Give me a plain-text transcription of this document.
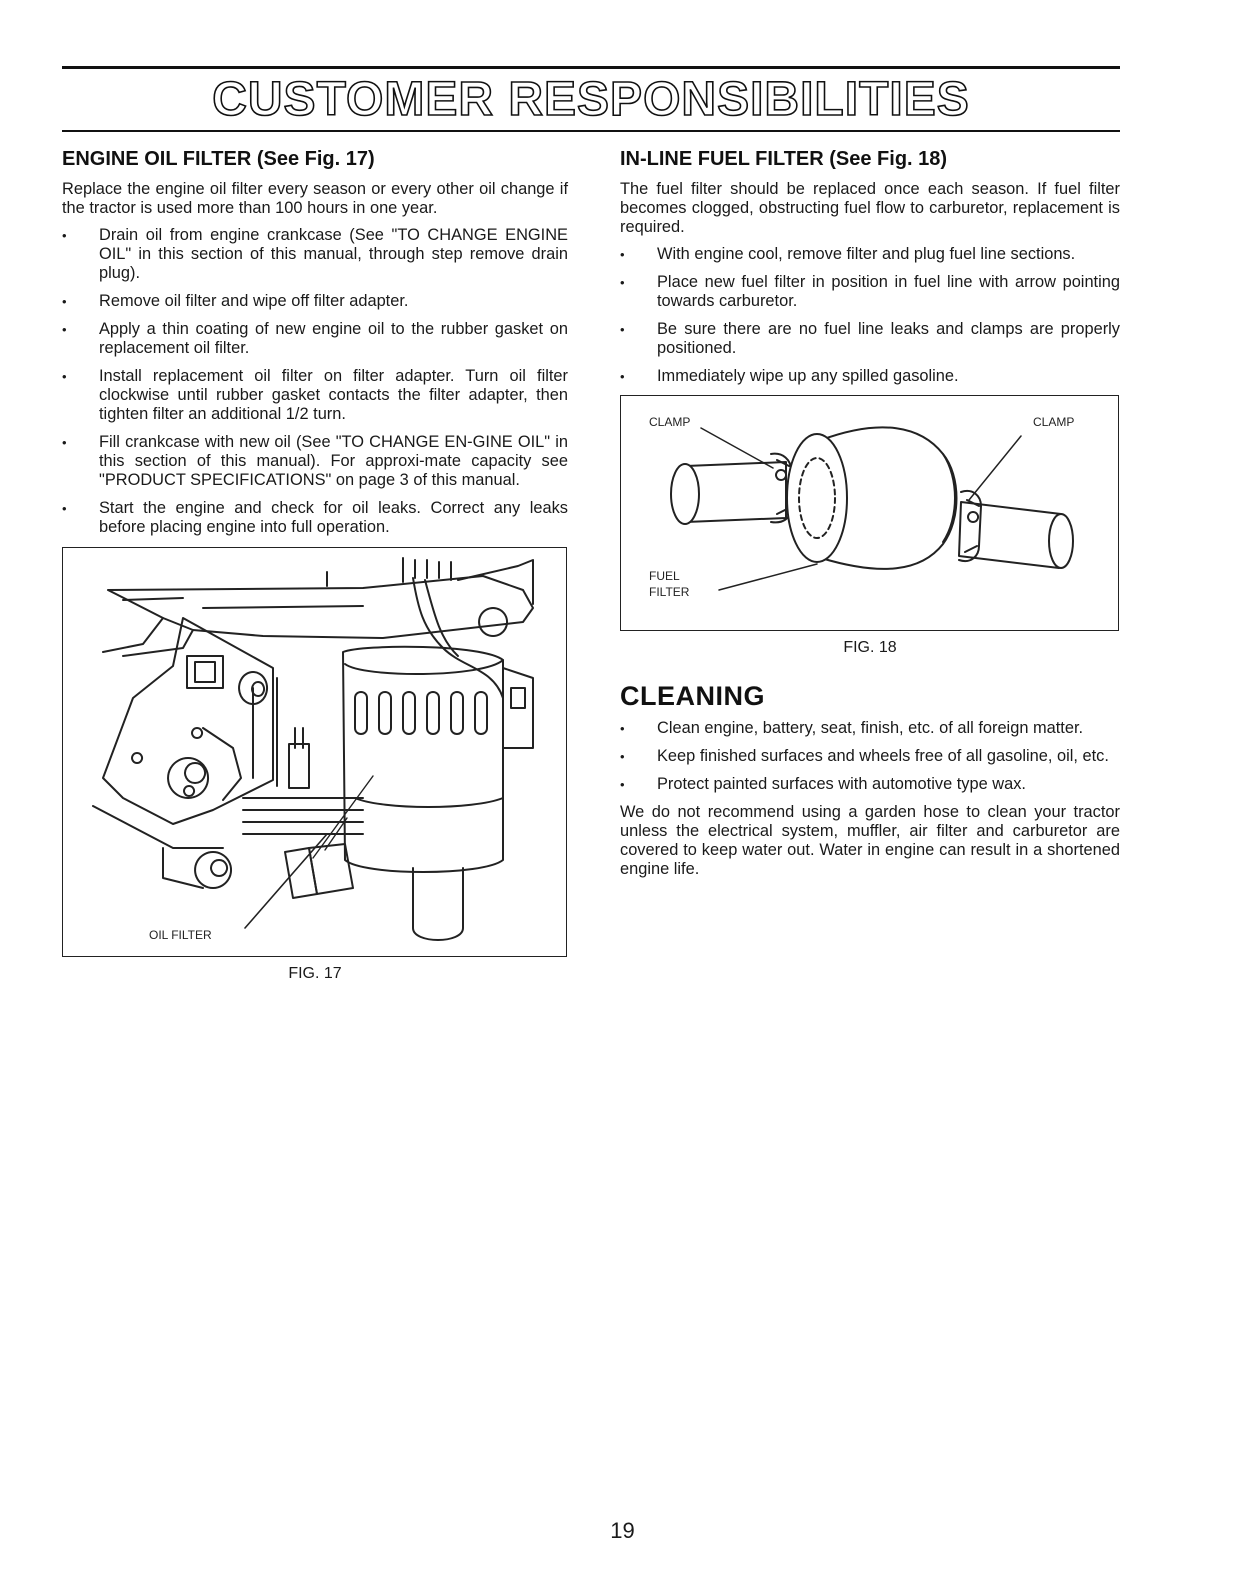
CUSTOMER RESPONSIBILITIES
ENGINE OIL FILTER (See Fig. 17)

Replace the engine oil filter every season or every other oil change if the tractor is used more than 100 hours in one year.

• Drain oil from engine crankcase (See "TO CHANGE ENGINE OIL" in this section of this manual, through step remove drain plug).
• Remove oil filter and wipe off filter adapter.
• Apply a thin coating of new engine oil to the rubber gasket on replacement oil filter.
• Install replacement oil filter on filter adapter. Turn oil filter clockwise until rubber gasket contacts the filter adapter, then tighten filter an additional 1/2 turn.
• Fill crankcase with new oil (See "TO CHANGE EN-GINE OIL" in this section of this manual). For approxi-mate capacity see "PRODUCT SPECIFICATIONS" on page 3 of this manual.
• Start the engine and check for oil leaks. Correct any leaks before placing engine into full operation.
OIL FILTER
FIG. 17
IN-LINE FUEL FILTER (See Fig. 18)

The fuel filter should be replaced once each season. If fuel filter becomes clogged, obstructing fuel flow to carburetor, replacement is required.

• With engine cool, remove filter and plug fuel line sections.
• Place new fuel filter in position in fuel line with arrow pointing towards carburetor.
• Be sure there are no fuel line leaks and clamps are properly positioned.
• Immediately wipe up any spilled gasoline.
CLAMP	CLAMP
FUEL
FILTER
FIG. 18
CLEANING
• Clean engine, battery, seat, finish, etc. of all foreign matter.
• Keep finished surfaces and wheels free of all gasoline, oil, etc.
• Protect painted surfaces with automotive type wax.

We do not recommend using a garden hose to clean your tractor unless the electrical system, muffler, air filter and carburetor are covered to keep water out. Water in engine can result in a shortened engine life.

19
